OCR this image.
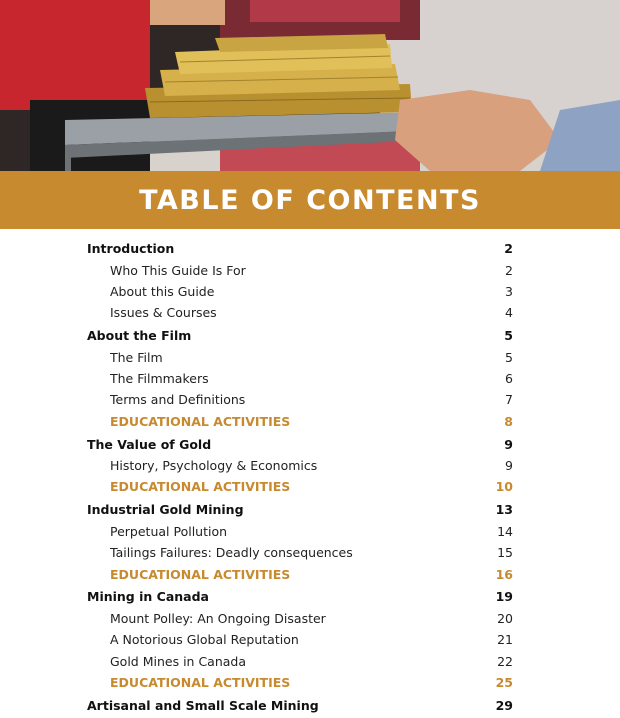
TABLE OF CONTENTS
Introduction	2
Who This Guide Is For	2
About this Guide	3
Issues & Courses	4
About the Film	5
The Film	5
The Filmmakers	6
Terms and Definitions	7
EDUCATIONAL ACTIVITIES	8
The Value of Gold	9
History, Psychology & Economics	9
EDUCATIONAL ACTIVITIES	10
Industrial Gold Mining	13
Perpetual Pollution	14
Tailings Failures: Deadly consequences	15
EDUCATIONAL ACTIVITIES	16
Mining in Canada	19
Mount Polley: An Ongoing Disaster	20
A Notorious Global Reputation	21
Gold Mines in Canada	22
EDUCATIONAL ACTIVITIES	25
Artisanal and Small Scale Mining	29
